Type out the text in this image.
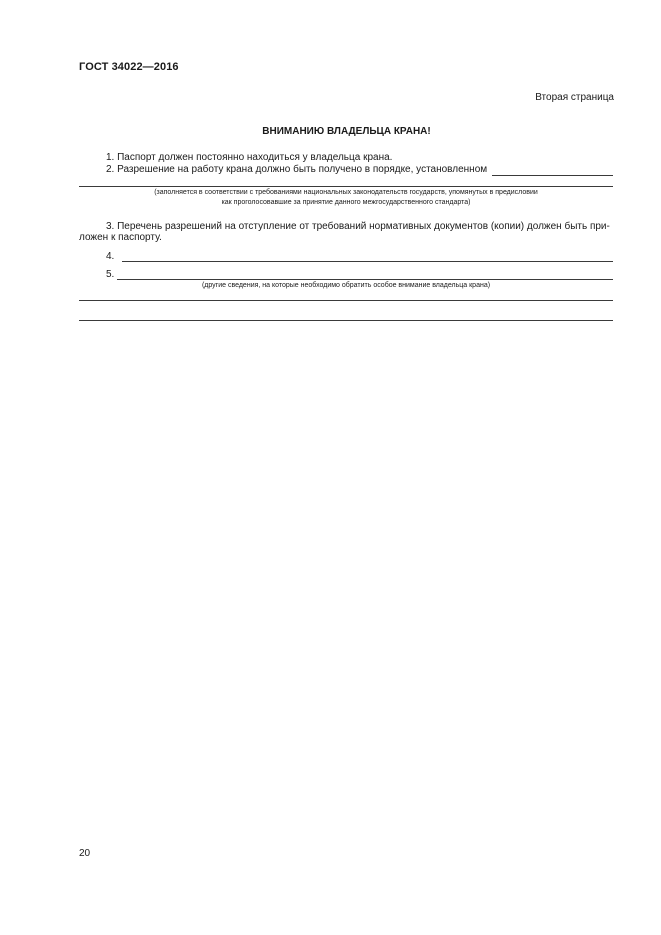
ГОСТ 34022—2016
Вторая страница
ВНИМАНИЮ ВЛАДЕЛЬЦА КРАНА!
1. Паспорт должен постоянно находиться у владельца крана.
2. Разрешение на работу крана должно быть получено в порядке, установленном
(заполняется в соответствии с требованиями национальных законодательств государств, упомянутых в предисловии
как проголосовавшие за принятие данного межгосударственного стандарта)
3. Перечень разрешений на отступление от требований нормативных документов (копии) должен быть при-
ложен к паспорту.
4.
5.
(другие сведения, на которые необходимо обратить особое внимание владельца крана)
20
